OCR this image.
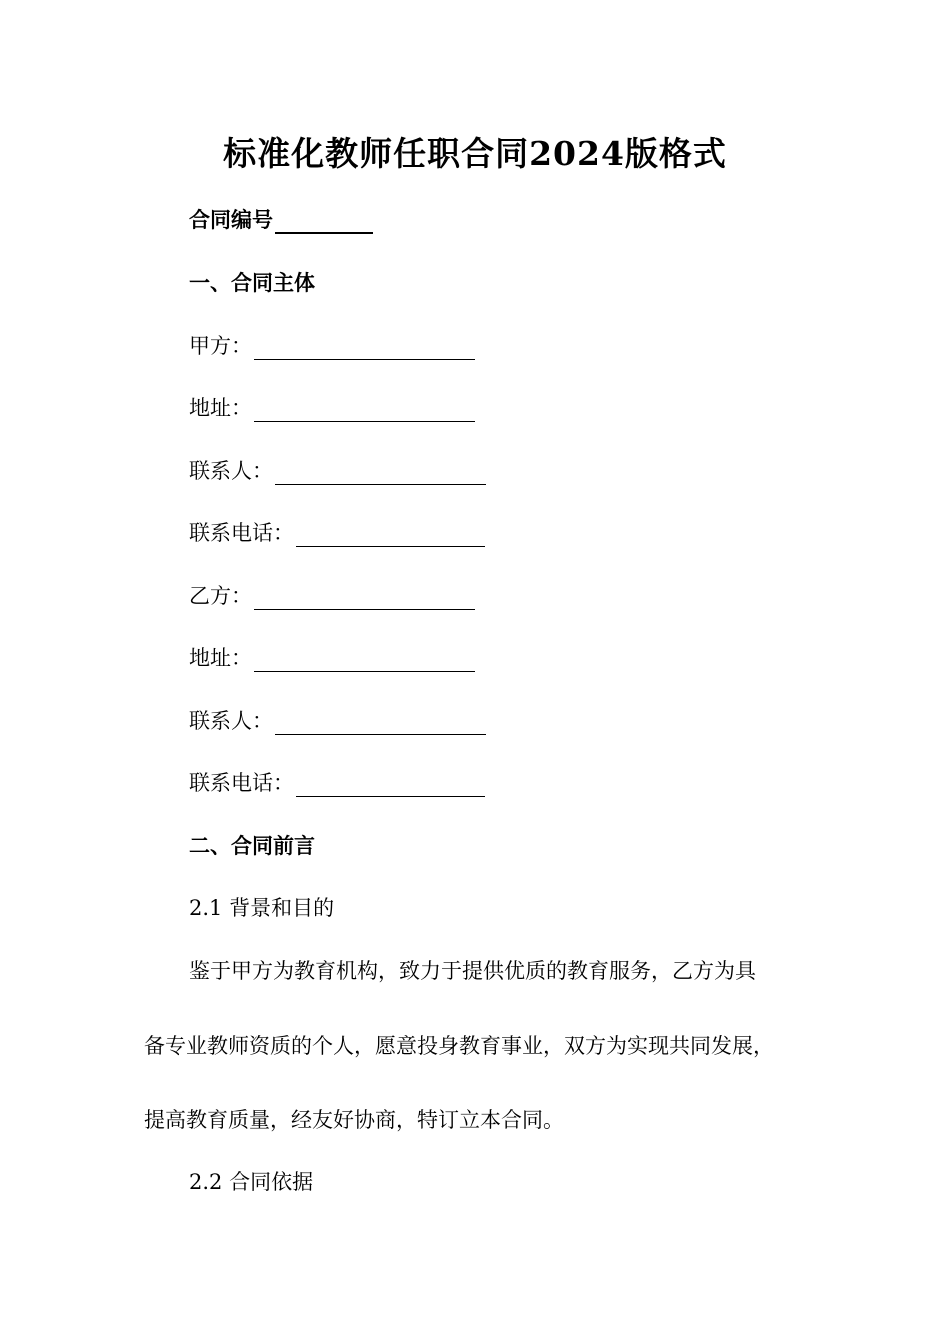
标准化教师任职合同2024版格式
合同编号
一、合同主体
甲方：
地址：
联系人：
联系电话：
乙方：
地址：
联系人：
联系电话：
二、合同前言
2.1 背景和目的
鉴于甲方为教育机构，致力于提供优质的教育服务，乙方为具
备专业教师资质的个人，愿意投身教育事业，双方为实现共同发展，
提高教育质量，经友好协商，特订立本合同。
2.2 合同依据
